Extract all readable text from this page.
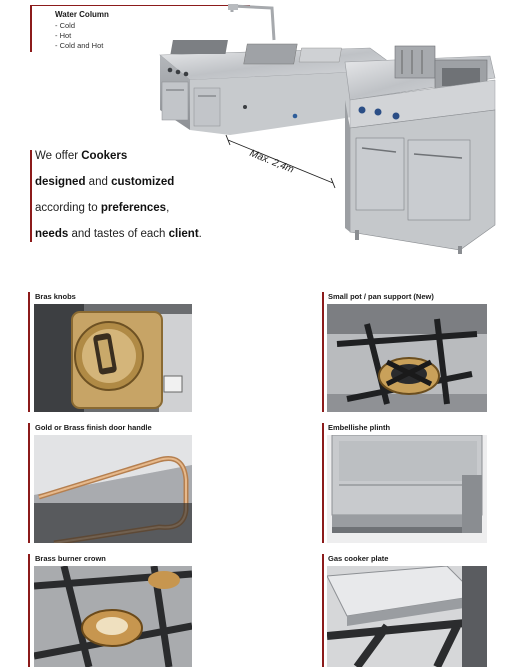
Water Column
- Cold
- Hot
- Cold and Hot
Max. 2,4m
We offer Cookers
designed and customized
according to preferences,
needs and tastes of each client.
Bras knobs	Small pot / pan support (New)
Gold or Brass finish door handle	Embellishe plinth
Brass burner crown	Gas cooker plate
